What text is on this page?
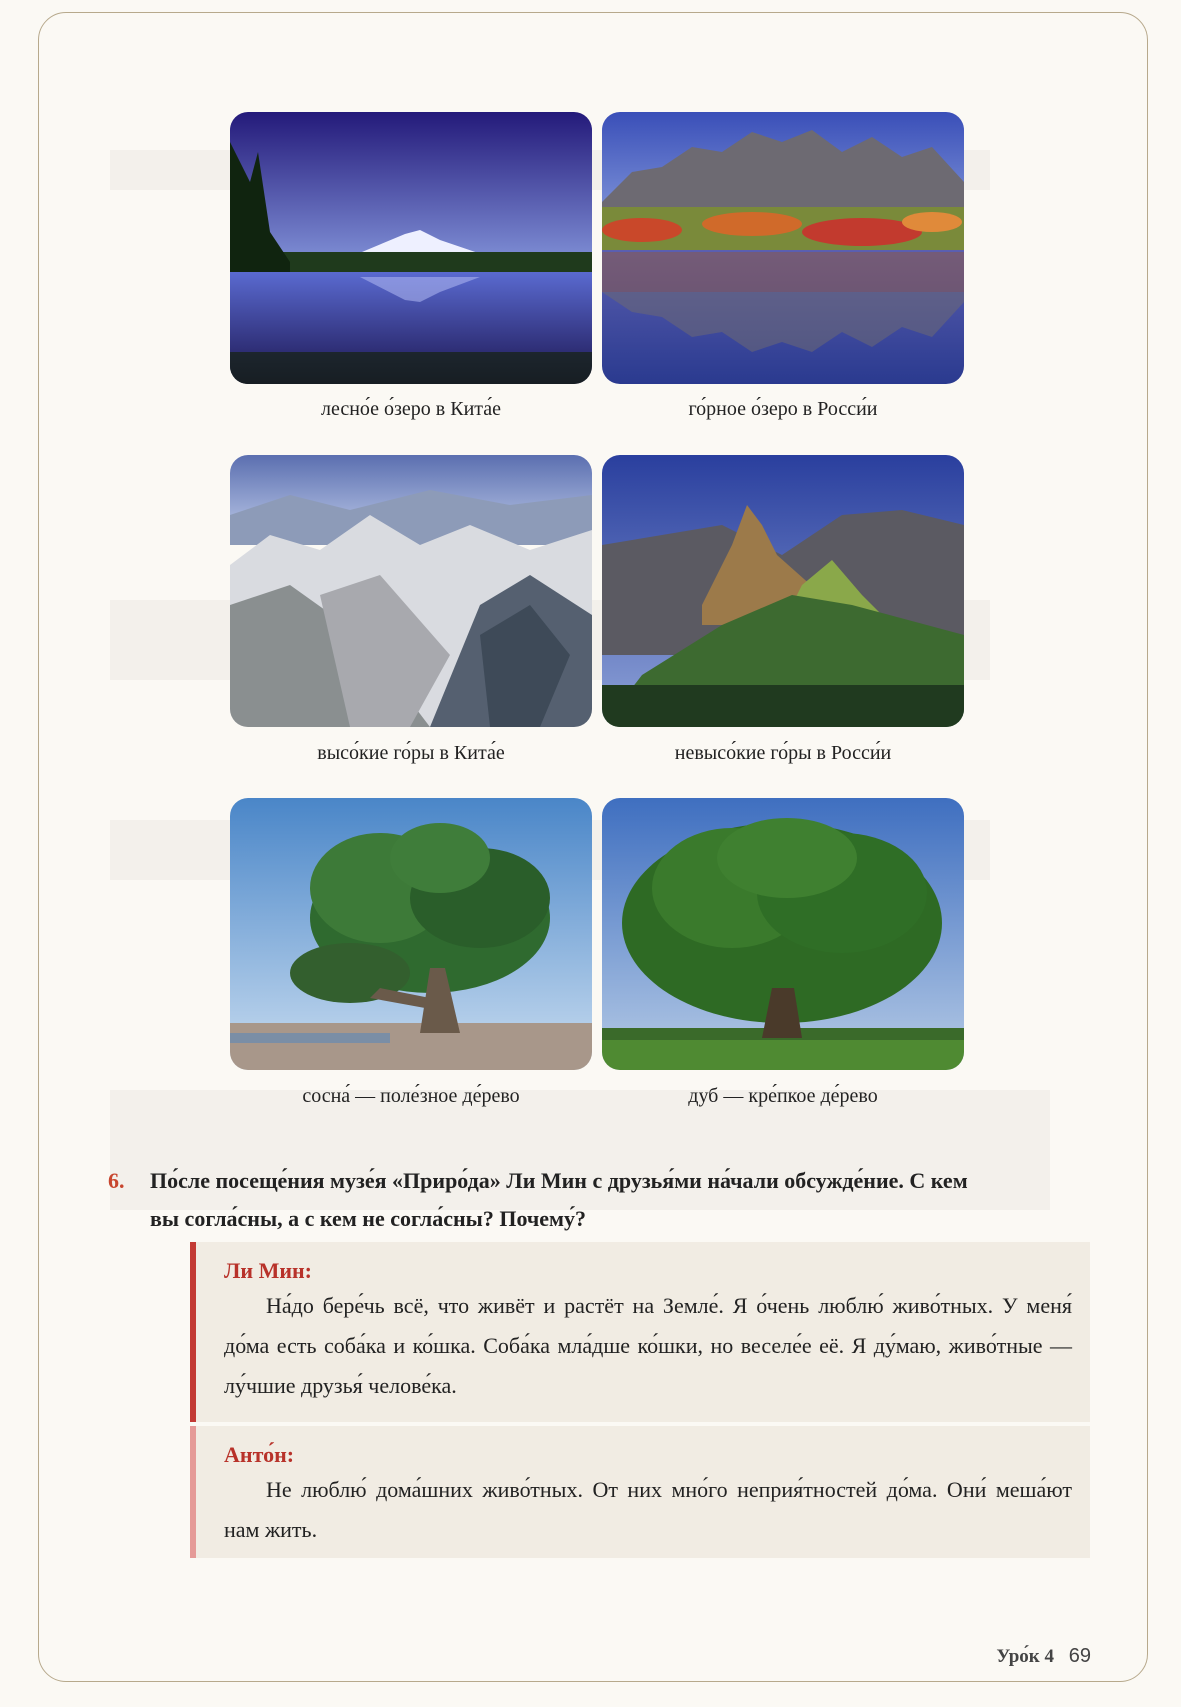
лесно́е о́зеро в Кита́е	го́рное о́зеро в Росси́и
высо́кие го́ры в Кита́е	невысо́кие го́ры в Росси́и
сосна́ — поле́зное де́рево	дуб — кре́пкое де́рево
6. По́сле посеще́ния музе́я «Приро́да» Ли Мин с друзья́ми на́чали обсужде́ние. С кем
вы согла́сны, а с кем не согла́сны? Почему́?
Ли Мин:
На́до бере́чь всё, что живёт и растёт на Земле́. Я о́чень люблю́ живо́тных. У меня́ до́ма есть соба́ка и ко́шка. Соба́ка мла́дше ко́шки, но веселе́е её. Я ду́маю, живо́тные — лу́чшие друзья́ челове́ка.
Анто́н:
Не люблю́ дома́шних живо́тных. От них мно́го неприя́тностей до́ма. Они́ меша́ют нам жить.
Уро́к 4 69
